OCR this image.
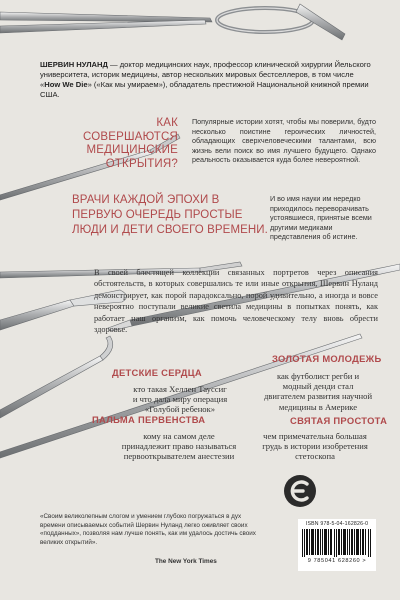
ШЕРВИН НУЛАНД — доктор медицинских наук, профессор клинической хирургии Йельского университета, историк медицины, автор нескольких мировых бестселлеров, в том числе «How We Die» («Как мы умираем»), обладатель престижной Национальной книжной премии США.
КАК СОВЕРШАЮТСЯ МЕДИЦИНСКИЕ ОТКРЫТИЯ?
Популярные истории хотят, чтобы мы поверили, будто несколько поистине героических личностей, обладающих сверхчеловеческими талантами, всю жизнь вели поиск во имя лучшего будущего. Однако реальность оказывается куда более невероятной.
ВРАЧИ КАЖДОЙ ЭПОХИ В ПЕРВУЮ ОЧЕРЕДЬ ПРОСТЫЕ ЛЮДИ И ДЕТИ СВОЕГО ВРЕМЕНИ.
И во имя науки им нередко приходилось переворачивать устоявшиеся, принятые всеми другими медиками представления об истине.
В своей блестящей коллекции связанных портретов через описания обстоятельств, в которых совершались те или иные открытия, Шервин Нуланд демонстрирует, как порой парадоксально, порой удивительно, а иногда и вовсе невероятно поступали великие светила медицины в попытках понять, как работает наш организм, как помочь человеческому телу вновь обрести здоровье.
ДЕТСКИЕ СЕРДЦА
кто такая Хеллен Тауссиг и что дала миру операция «Голубой ребенок»
ЗОЛОТАЯ МОЛОДЕЖЬ
как футболист регби и модный денди стал двигателем развития научной медицины в Америке
ПАЛЬМА ПЕРВЕНСТВА
кому на самом деле принадлежит право называться первооткрывателем анестезии
СВЯТАЯ ПРОСТОТА
чем примечательна большая грудь в истории изобретения стетоскопа
«Своим великолепным слогом и умением глубоко погружаться в дух времени описываемых событий Шервин Нуланд легко оживляет своих «подданных», позволяя нам лучше понять, как им удалось достичь своих великих открытий».
The New York Times
ISBN 978-5-04-162826-0
9 785041 628260 >
